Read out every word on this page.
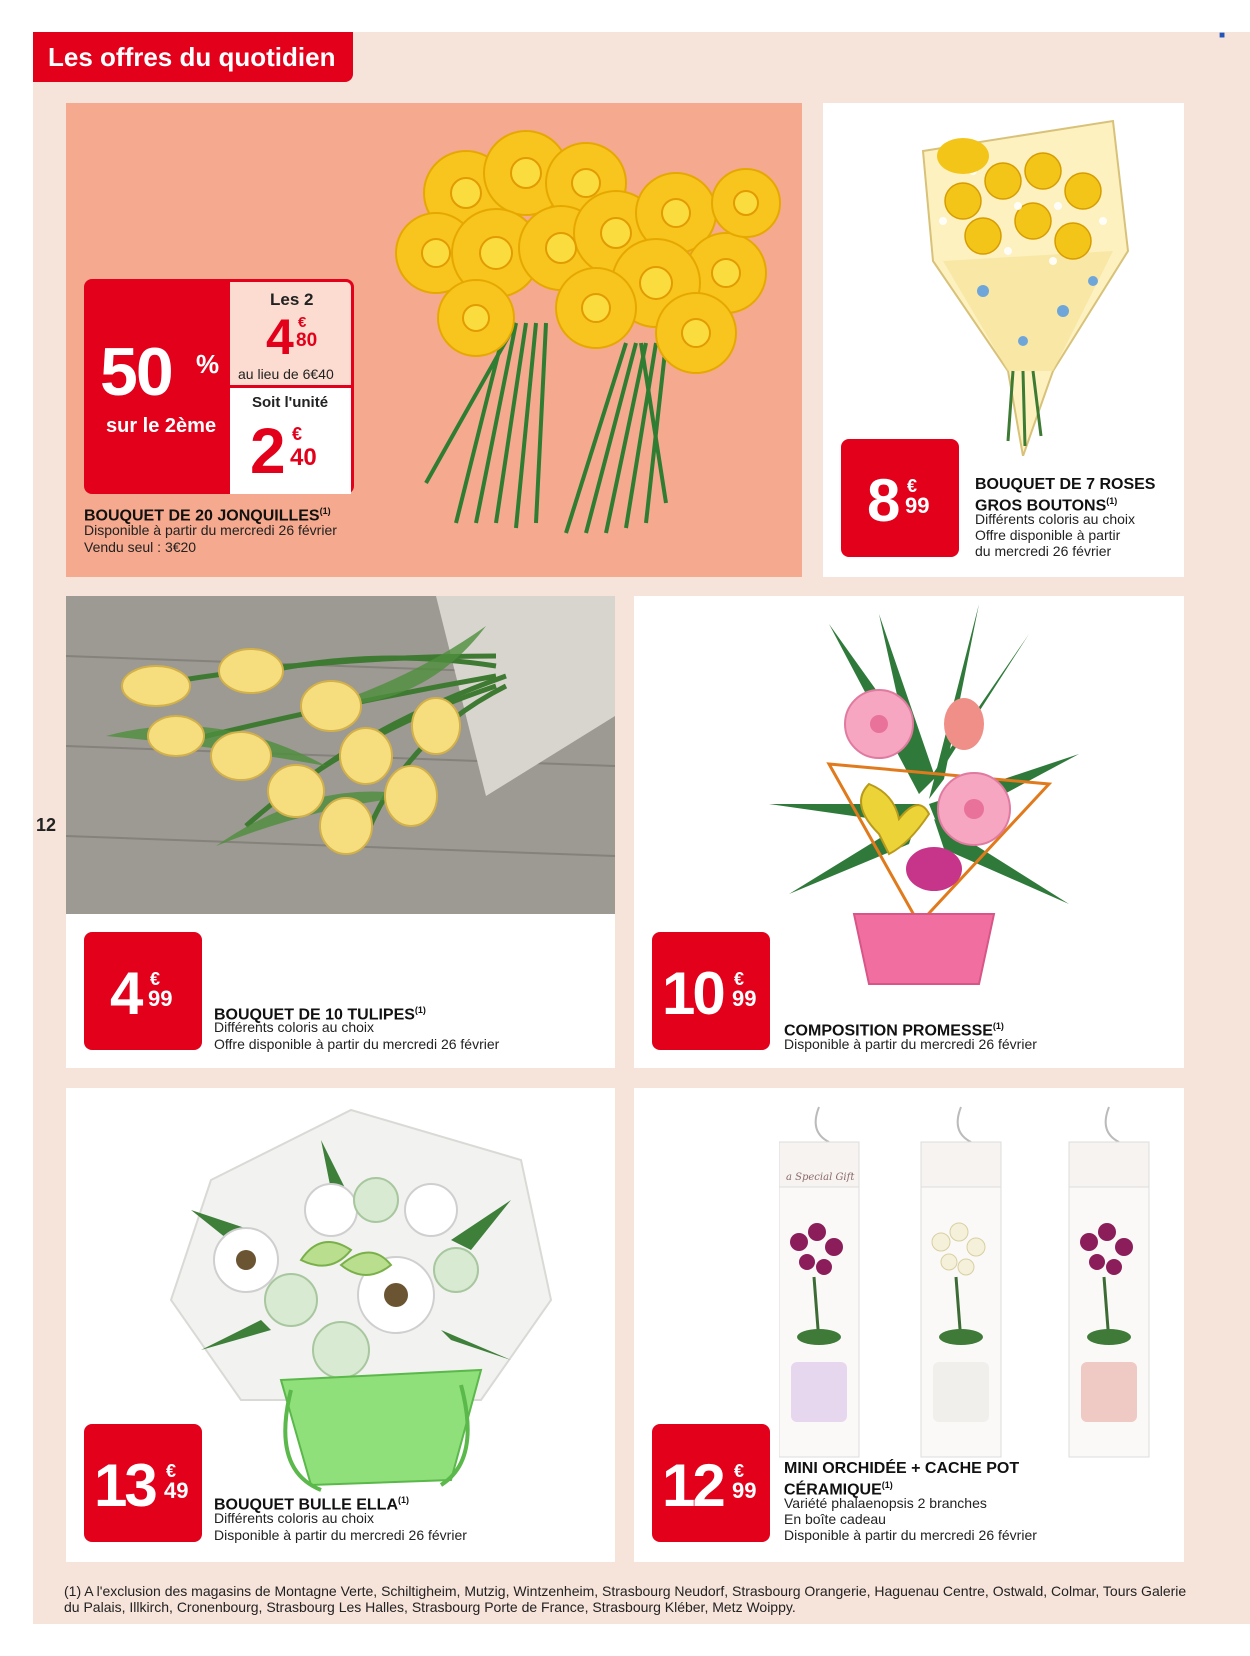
Les offres du quotidien
■
12
50 %
sur le 2ème
Les 2
4 €
80
au lieu de 6€40
Soit l'unité
2 €
40
BOUQUET DE 20 JONQUILLES$^{(1)}$
Disponible à partir du mercredi 26 février
Vendu seul : 3€20
8 €
99
BOUQUET DE 7 ROSES
GROS BOUTONS$^{(1)}$
Différents coloris au choix
Offre disponible à partir
du mercredi 26 février
4 €
99
BOUQUET DE 10 TULIPES$^{(1)}$
Différents coloris au choix
Offre disponible à partir du mercredi 26 février
10 €
99
COMPOSITION PROMESSE$^{(1)}$
Disponible à partir du mercredi 26 février
13 €
49
BOUQUET BULLE ELLA$^{(1)}$
Différents coloris au choix
Disponible à partir du mercredi 26 février
a Special Gift
12 €
99
MINI ORCHIDÉE + CACHE POT
CÉRAMIQUE$^{(1)}$
Variété phalaenopsis 2 branches
En boîte cadeau
Disponible à partir du mercredi 26 février
(1) A l'exclusion des magasins de Montagne Verte, Schiltigheim, Mutzig, Wintzenheim, Strasbourg Neudorf, Strasbourg Orangerie, Haguenau Centre, Ostwald, Colmar, Tours Galerie du Palais, Illkirch, Cronenbourg, Strasbourg Les Halles, Strasbourg Porte de France, Strasbourg Kléber, Metz Woippy.
